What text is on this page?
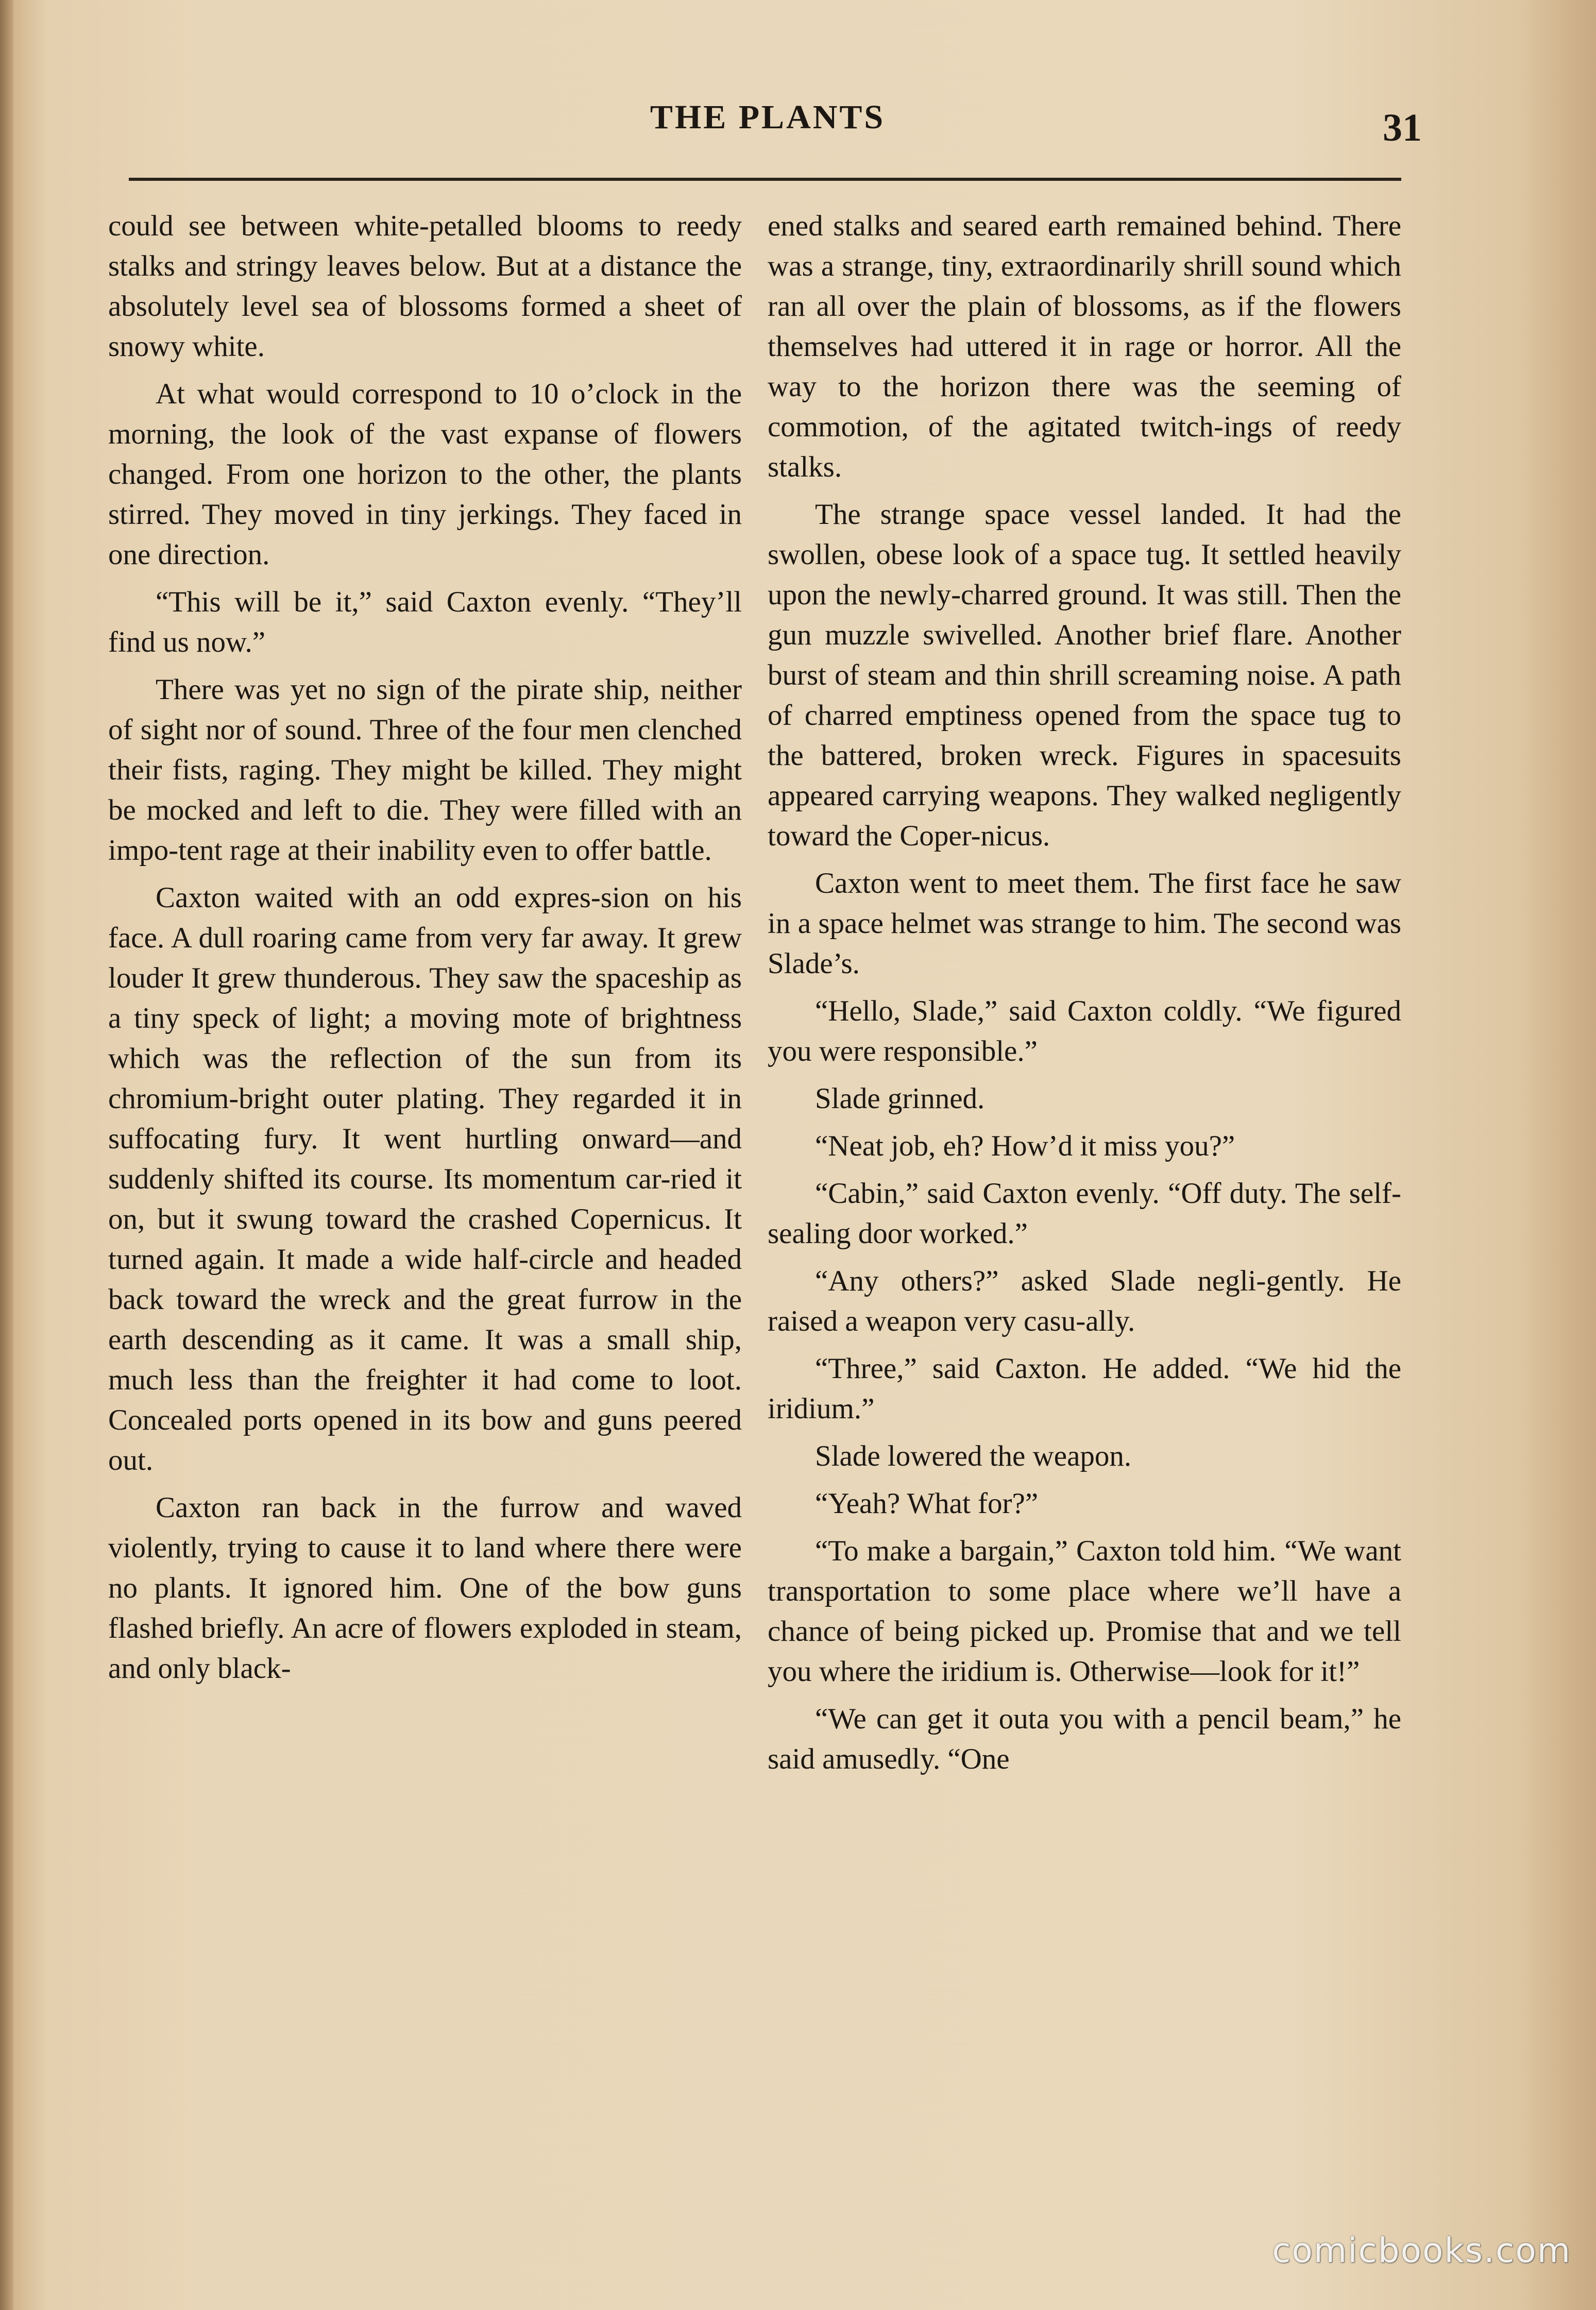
THE PLANTS	31

could see between white-petalled blooms to reedy stalks and stringy leaves below. But at a distance the absolutely level sea of blossoms formed a sheet of snowy white.

At what would correspond to 10 o’clock in the morning, the look of the vast expanse of flowers changed. From one horizon to the other, the plants stirred. They moved in tiny jerkings. They faced in one direction.

“This will be it,” said Caxton evenly. “They’ll find us now.”

There was yet no sign of the pirate ship, neither of sight nor of sound. Three of the four men clenched their fists, raging. They might be killed. They might be mocked and left to die. They were filled with an impo-tent rage at their inability even to offer battle.

Caxton waited with an odd expres-sion on his face. A dull roaring came from very far away. It grew louder It grew thunderous. They saw the spaceship as a tiny speck of light; a moving mote of brightness which was the reflection of the sun from its chromium-bright outer plating. They regarded it in suffocating fury. It went hurtling onward—and suddenly shifted its course. Its momentum car-ried it on, but it swung toward the crashed Copernicus. It turned again. It made a wide half-circle and headed back toward the wreck and the great furrow in the earth descending as it came. It was a small ship, much less than the freighter it had come to loot. Concealed ports opened in its bow and guns peered out.

Caxton ran back in the furrow and waved violently, trying to cause it to land where there were no plants. It ignored him. One of the bow guns flashed briefly. An acre of flowers exploded in steam, and only black-

ened stalks and seared earth remained behind. There was a strange, tiny, extraordinarily shrill sound which ran all over the plain of blossoms, as if the flowers themselves had uttered it in rage or horror. All the way to the horizon there was the seeming of commotion, of the agitated twitch-ings of reedy stalks.

The strange space vessel landed. It had the swollen, obese look of a space tug. It settled heavily upon the newly-charred ground. It was still. Then the gun muzzle swivelled. Another brief flare. Another burst of steam and thin shrill screaming noise. A path of charred emptiness opened from the space tug to the battered, broken wreck. Figures in spacesuits appeared carrying weapons. They walked negligently toward the Coper-nicus.

Caxton went to meet them. The first face he saw in a space helmet was strange to him. The second was Slade’s.

“Hello, Slade,” said Caxton coldly. “We figured you were responsible.”

Slade grinned.

“Neat job, eh? How’d it miss you?”

“Cabin,” said Caxton evenly. “Off duty. The self-sealing door worked.”

“Any others?” asked Slade negli-gently. He raised a weapon very casu-ally.

“Three,” said Caxton. He added. “We hid the iridium.”

Slade lowered the weapon.

“Yeah? What for?”

“To make a bargain,” Caxton told him. “We want transportation to some place where we’ll have a chance of being picked up. Promise that and we tell you where the iridium is. Otherwise—look for it!”

“We can get it outa you with a pencil beam,” he said amusedly. “One

comicbooks.com
